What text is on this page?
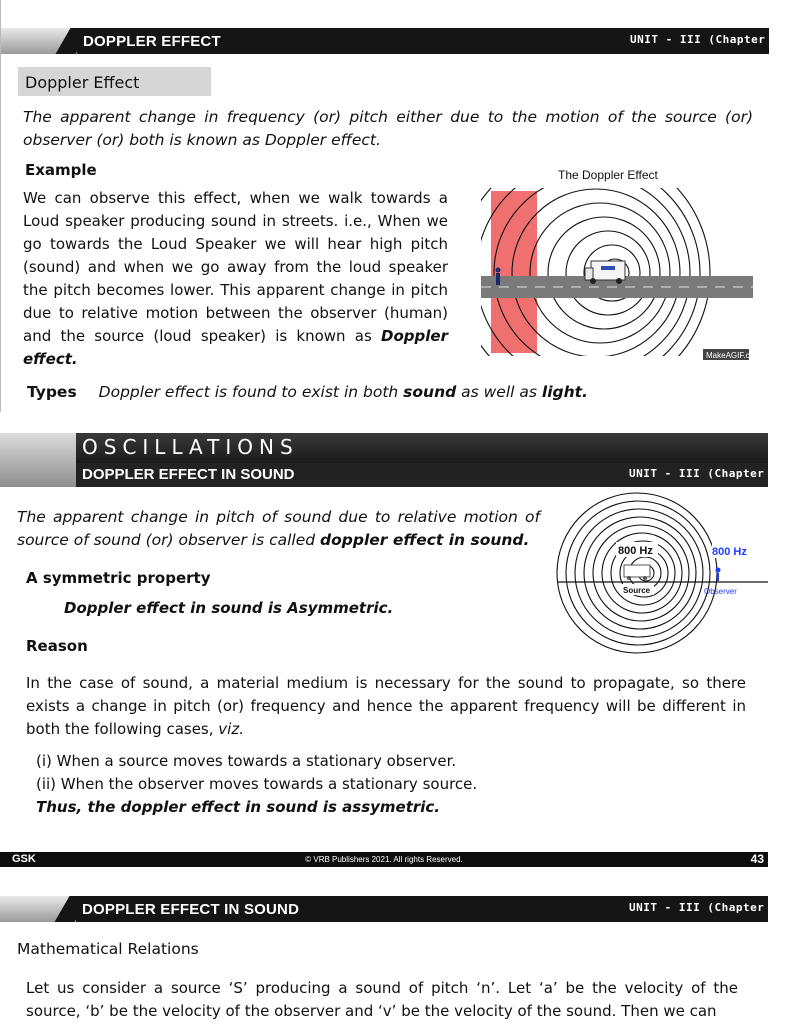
DOPPLER EFFECT	UNIT - III (Chapter 3)
Doppler Effect
The apparent change in frequency (or) pitch either due to the motion of the source (or) observer (or) both is known as Doppler effect.
Example
We can observe this effect, when we walk towards a Loud speaker producing sound in streets. i.e., When we go towards the Loud Speaker we will hear high pitch (sound) and when we go away from the loud speaker the pitch becomes lower. This apparent change in pitch due to relative motion between the observer (human) and the source (loud speaker) is known as Doppler effect.
The Doppler Effect
MakeAGIF.com
Types Doppler effect is found to exist in both sound as well as light.
OSCILLATIONS
DOPPLER EFFECT IN SOUND	UNIT - III (Chapter 3)
The apparent change in pitch of sound due to relative motion of source of sound (or) observer is called doppler effect in sound.
A symmetric property
Doppler effect in sound is Asymmetric.
Reason
In the case of sound, a material medium is necessary for the sound to propagate, so there exists a change in pitch (or) frequency and hence the apparent frequency will be different in both the following cases, viz.
(i) When a source moves towards a stationary observer.
(ii) When the observer moves towards a stationary source.
Thus, the doppler effect in sound is assymetric.
800 Hz
Source
800 Hz
Observer
© VRB Publishers 2021. All rights Reserved.
GSK	43
DOPPLER EFFECT IN SOUND	UNIT - III (Chapter 3)
Mathematical Relations
Let us consider a source ‘S’ producing a sound of pitch ‘n’. Let ‘a’ be the velocity of the source, ‘b’ be the velocity of the observer and ‘v’ be the velocity of the sound. Then we can
